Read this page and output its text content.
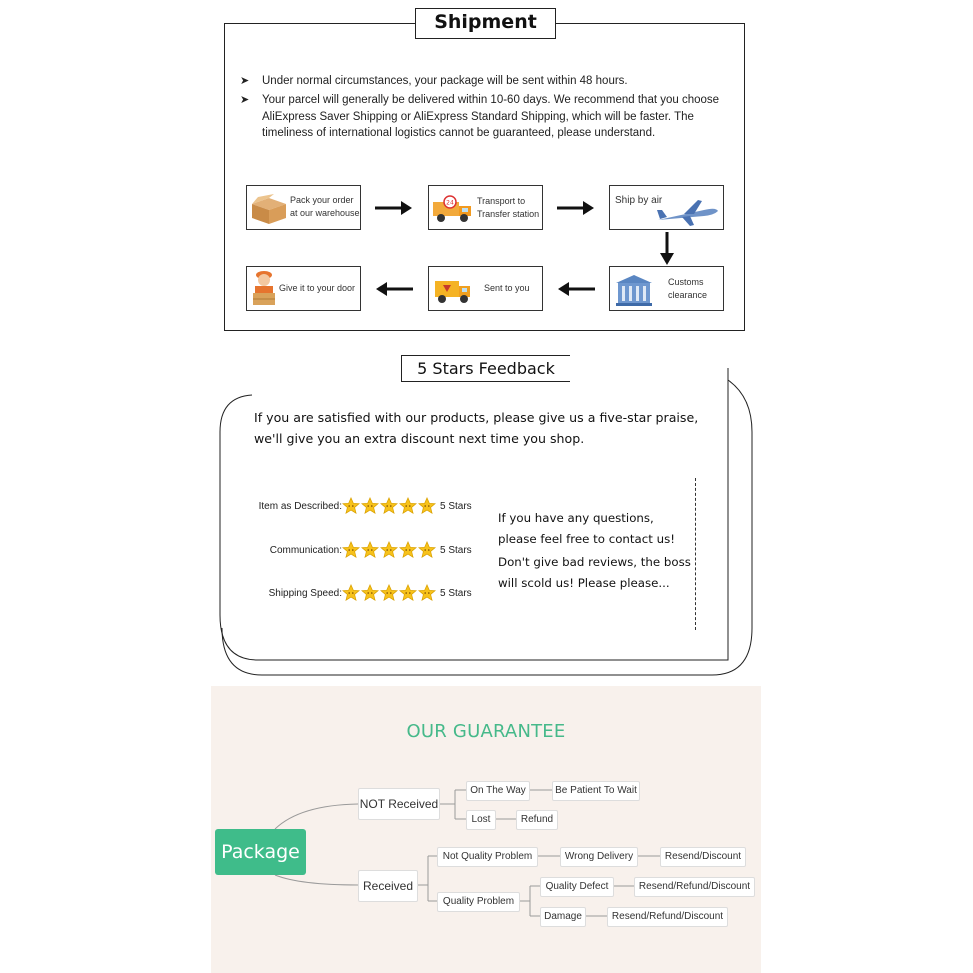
Shipment
➤ Under normal circumstances, your package will be sent within 48 hours.
➤ Your parcel will generally be delivered within 10-60 days. We recommend that you choose AliExpress Saver Shipping or AliExpress Standard Shipping, which will be faster. The timeliness of international logistics cannot be guaranteed, please understand.
Pack your order at our warehouse
24	Transport to Transfer station
Ship by air
Customs clearance
Sent to you
Give it to your door
5 Stars Feedback
If you are satisfied with our products, please give us a five-star praise, we'll give you an extra discount next time you shop.
Item as Described:	5 Stars
Communication:	5 Stars
Shipping Speed:	5 Stars
If you have any questions, please feel free to contact us!
Don't give bad reviews, the boss will scold us! Please please...
OUR GUARANTEE
Package
NOT Received
On The Way	Be Patient To Wait
Lost	Refund
Received
Not Quality Problem	Wrong Delivery	Resend/Discount
Quality Problem
Quality Defect	Resend/Refund/Discount
Damage	Resend/Refund/Discount
